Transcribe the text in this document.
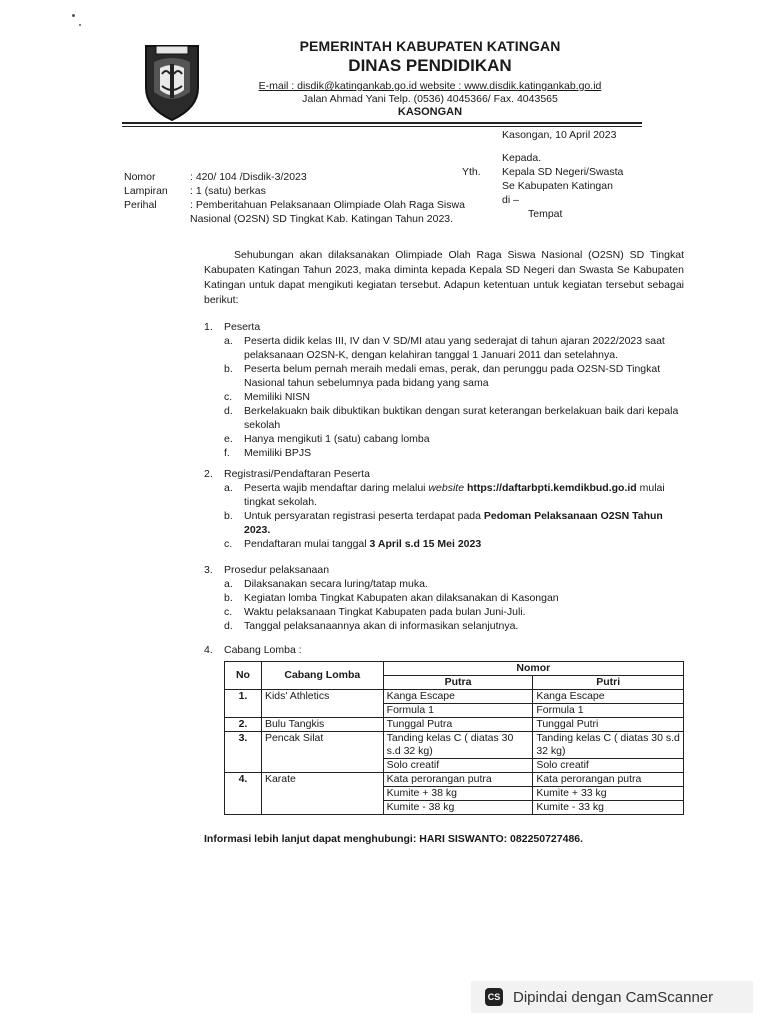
PEMERINTAH KABUPATEN KATINGAN
DINAS PENDIDIKAN
E-mail : disdik@katingankab.go.id website : www.disdik.katingankab.go.id
Jalan Ahmad Yani Telp. (0536) 4045366/ Fax. 4043565
KASONGAN
Kasongan, 10 April 2023
Kepada.
Yth.	Kepala SD Negeri/Swasta
Se Kabupaten Katingan
di –
Tempat
Nomor	: 420/ 104 /Disdik-3/2023
Lampiran	: 1 (satu) berkas
Perihal	: Pemberitahuan Pelaksanaan Olimpiade Olah Raga Siswa Nasional (O2SN) SD Tingkat Kab. Katingan Tahun 2023.
Sehubungan akan dilaksanakan Olimpiade Olah Raga Siswa Nasional (O2SN) SD Tingkat Kabupaten Katingan Tahun 2023, maka diminta kepada Kepala SD Negeri dan Swasta Se Kabupaten Katingan untuk dapat mengikuti kegiatan tersebut. Adapun ketentuan untuk kegiatan tersebut sebagai berikut:
1.	Peserta
a.	Peserta didik kelas III, IV dan V SD/MI atau yang sederajat di tahun ajaran 2022/2023 saat pelaksanaan O2SN-K, dengan kelahiran tanggal 1 Januari 2011 dan setelahnya.
b.	Peserta belum pernah meraih medali emas, perak, dan perunggu pada O2SN-SD Tingkat Nasional tahun sebelumnya pada bidang yang sama
c.	Memiliki NISN
d.	Berkelakuakn baik dibuktikan buktikan dengan surat keterangan berkelakuan baik dari kepala sekolah
e.	Hanya mengikuti 1 (satu) cabang lomba
f.	Memiliki BPJS
2.	Registrasi/Pendaftaran Peserta
a.	Peserta wajib mendaftar daring melalui website https://daftarbpti.kemdikbud.go.id mulai tingkat sekolah.
b.	Untuk persyaratan registrasi peserta terdapat pada Pedoman Pelaksanaan O2SN Tahun 2023.
c.	Pendaftaran mulai tanggal 3 April s.d 15 Mei 2023
3.	Prosedur pelaksanaan
a.	Dilaksanakan secara luring/tatap muka.
b.	Kegiatan lomba Tingkat Kabupaten akan dilaksanakan di Kasongan
c.	Waktu pelaksanaan Tingkat Kabupaten pada bulan Juni-Juli.
d.	Tanggal pelaksanaannya akan di informasikan selanjutnya.
4.	Cabang Lomba :
No	Cabang Lomba	Nomor	
		Putra	Putri
1.	Kids' Athletics	Kanga Escape	Kanga Escape
		Formula 1	Formula 1
2.	Bulu Tangkis	Tunggal Putra	Tunggal Putri
3.	Pencak Silat	Tanding kelas C ( diatas 30 s.d 32 kg)	Tanding kelas C ( diatas 30 s.d 32 kg)
		Solo creatif	Solo creatif
4.	Karate	Kata perorangan putra	Kata perorangan putra
		Kumite + 38 kg	Kumite + 33 kg
		Kumite - 38 kg	Kumite - 33 kg
Informasi lebih lanjut dapat menghubungi: HARI SISWANTO: 082250727486.
CS Dipindai dengan CamScanner
